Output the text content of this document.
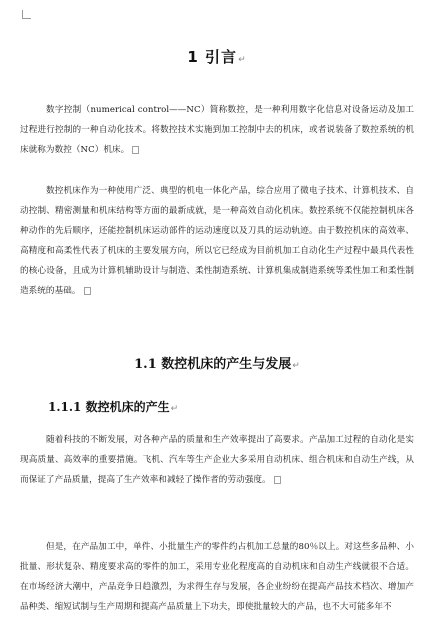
1 引言↵
数字控制（numerical control——NC）简称数控，是一种利用数字化信息对设备运动及加工过程进行控制的一种自动化技术。将数控技术实施到加工控制中去的机床，或者说装备了数控系统的机床就称为数控（NC）机床。
数控机床作为一种使用广泛、典型的机电一体化产品，综合应用了微电子技术、计算机技术、自动控制、精密测量和机床结构等方面的最新成就，是一种高效自动化机床。数控系统不仅能控制机床各种动作的先后顺序，还能控制机床运动部件的运动速度以及刀具的运动轨迹。由于数控机床的高效率、高精度和高柔性代表了机床的主要发展方向，所以它已经成为目前机加工自动化生产过程中最具代表性的核心设备，且成为计算机辅助设计与制造、柔性制造系统、计算机集成制造系统等柔性加工和柔性制造系统的基础。
1.1 数控机床的产生与发展↵
1.1.1 数控机床的产生↵
随着科技的不断发展，对各种产品的质量和生产效率提出了高要求。产品加工过程的自动化是实现高质量、高效率的重要措施。飞机、汽车等生产企业大多采用自动机床、组合机床和自动生产线，从而保证了产品质量，提高了生产效率和减轻了操作者的劳动强度。
但是，在产品加工中，单件、小批量生产的零件约占机加工总量的80％以上。对这些多品种、小批量、形状复杂、精度要求高的零件的加工，采用专业化程度高的自动机床和自动生产线就很不合适。在市场经济大潮中，产品竞争日趋激烈，为求得生存与发展，各企业纷纷在提高产品技术档次、增加产品种类、缩短试制与生产周期和提高产品质量上下功夫，即使批量较大的产品，也不大可能多年不
